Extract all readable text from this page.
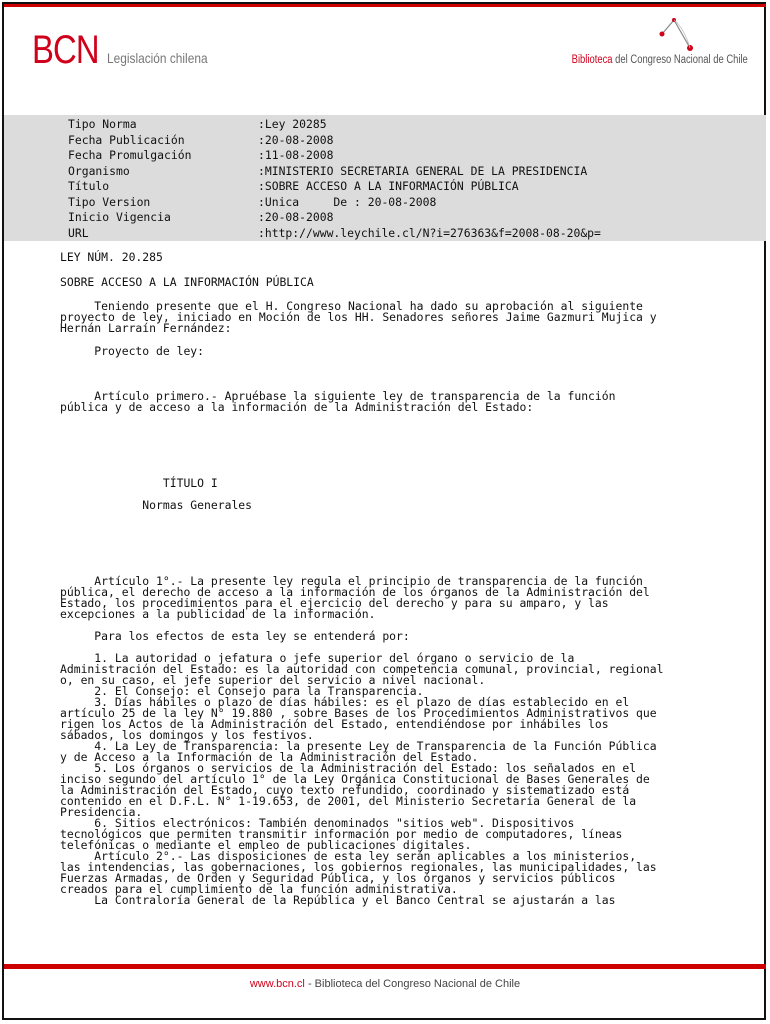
BCN Legislación chilena	Biblioteca del Congreso Nacional de Chile
Tipo Norma	:Ley 20285
Fecha Publicación	:20-08-2008
Fecha Promulgación	:11-08-2008
Organismo	:MINISTERIO SECRETARIA GENERAL DE LA PRESIDENCIA
Título	:SOBRE ACCESO A LA INFORMACIÓN PÚBLICA
Tipo Version	:Unica     De : 20-08-2008
Inicio Vigencia	:20-08-2008
URL	:http://www.leychile.cl/N?i=276363&f=2008-08-20&p=

LEY NÚM. 20.285

SOBRE ACCESO A LA INFORMACIÓN PÚBLICA

Teniendo presente que el H. Congreso Nacional ha dado su aprobación al siguiente

proyecto de ley, iniciado en Moción de los HH. Senadores señores Jaime Gazmuri Mujica y

Hernán Larraín Fernández:

Proyecto de ley:

Artículo primero.- Apruébase la siguiente ley de transparencia de la función

pública y de acceso a la información de la Administración del Estado:

TÍTULO I

Normas Generales

Artículo 1°.- La presente ley regula el principio de transparencia de la función

pública, el derecho de acceso a la información de los órganos de la Administración del

Estado, los procedimientos para el ejercicio del derecho y para su amparo, y las

excepciones a la publicidad de la información.

Para los efectos de esta ley se entenderá por:

1. La autoridad o jefatura o jefe superior del órgano o servicio de la

Administración del Estado: es la autoridad con competencia comunal, provincial, regional

o, en su caso, el jefe superior del servicio a nivel nacional.

2. El Consejo: el Consejo para la Transparencia.

3. Días hábiles o plazo de días hábiles: es el plazo de días establecido en el

artículo 25 de la ley N° 19.880 , sobre Bases de los Procedimientos Administrativos que

rigen los Actos de la Administración del Estado, entendiéndose por inhábiles los

sábados, los domingos y los festivos.

4. La Ley de Transparencia: la presente Ley de Transparencia de la Función Pública

y de Acceso a la Información de la Administración del Estado.

5. Los órganos o servicios de la Administración del Estado: los señalados en el

inciso segundo del artículo 1° de la Ley Orgánica Constitucional de Bases Generales de

la Administración del Estado, cuyo texto refundido, coordinado y sistematizado está

contenido en el D.F.L. N° 1-19.653, de 2001, del Ministerio Secretaría General de la

Presidencia.

6. Sitios electrónicos: También denominados "sitios web". Dispositivos

tecnológicos que permiten transmitir información por medio de computadores, líneas

telefónicas o mediante el empleo de publicaciones digitales.

Artículo 2°.- Las disposiciones de esta ley serán aplicables a los ministerios,

las intendencias, las gobernaciones, los gobiernos regionales, las municipalidades, las

Fuerzas Armadas, de Orden y Seguridad Pública, y los órganos y servicios públicos

creados para el cumplimiento de la función administrativa.

La Contraloría General de la República y el Banco Central se ajustarán a las

www.bcn.cl - Biblioteca del Congreso Nacional de Chile
